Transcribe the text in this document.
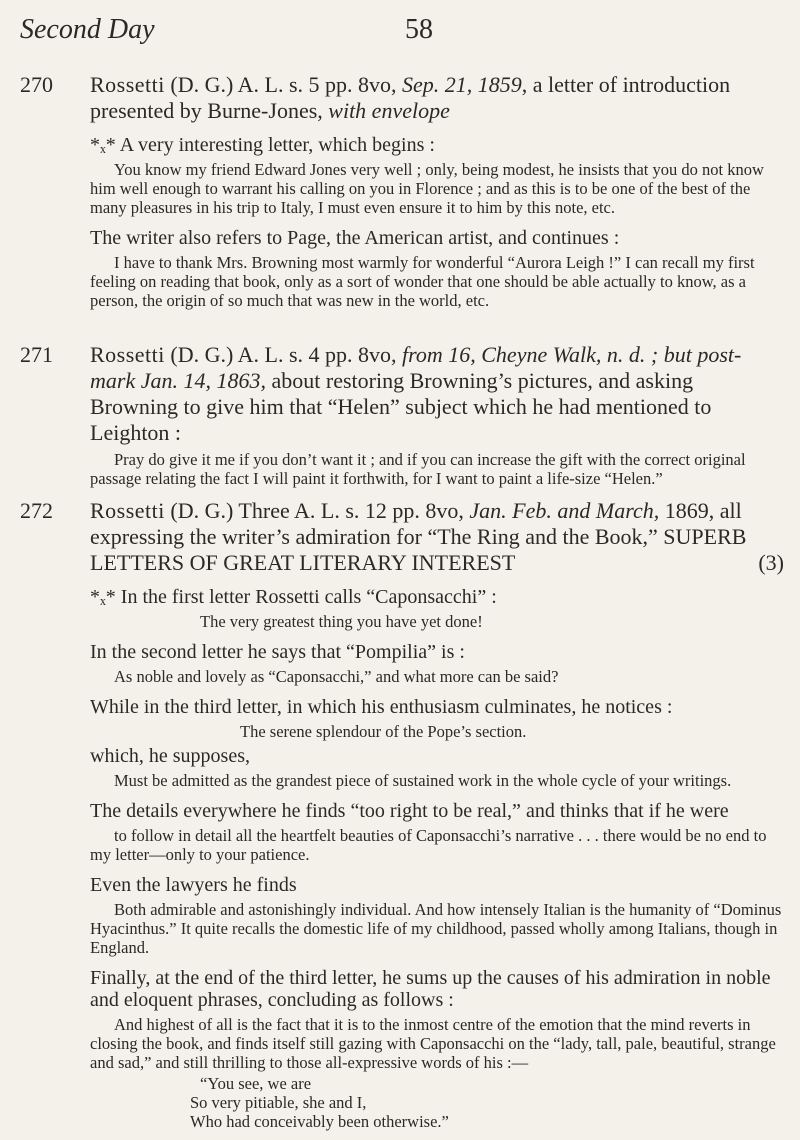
Second Day	58
270	Rossetti (D. G.) A. L. s. 5 pp. 8vo, Sep. 21, 1859, a letter of introduction presented by Burne-Jones, with envelope

*ₓ* A very interesting letter, which begins :

You know my friend Edward Jones very well ; only, being modest, he insists that you do not know him well enough to warrant his calling on you in Florence ; and as this is to be one of the best of the many pleasures in his trip to Italy, I must even ensure it to him by this note, etc.

The writer also refers to Page, the American artist, and continues :

I have to thank Mrs. Browning most warmly for wonderful “Aurora Leigh !” I can recall my first feeling on reading that book, only as a sort of wonder that one should be able actually to know, as a person, the origin of so much that was new in the world, etc.

271	Rossetti (D. G.) A. L. s. 4 pp. 8vo, from 16, Cheyne Walk, n. d. ; but post-mark Jan. 14, 1863, about restoring Browning’s pictures, and asking Browning to give him that “Helen” subject which he had mentioned to Leighton :

Pray do give it me if you don’t want it ; and if you can increase the gift with the correct original passage relating the fact I will paint it forthwith, for I want to paint a life-size “Helen.”

272	Rossetti (D. G.) Three A. L. s. 12 pp. 8vo, Jan. Feb. and March, 1869, all expressing the writer’s admiration for “The Ring and the Book,” SUPERB LETTERS OF GREAT LITERARY INTEREST	(3)

*ₓ* In the first letter Rossetti calls “Caponsacchi” :

The very greatest thing you have yet done!

In the second letter he says that “Pompilia” is :

As noble and lovely as “Caponsacchi,” and what more can be said?

While in the third letter, in which his enthusiasm culminates, he notices :

The serene splendour of the Pope’s section.

which, he supposes,

Must be admitted as the grandest piece of sustained work in the whole cycle of your writings.

The details everywhere he finds “too right to be real,” and thinks that if he were

to follow in detail all the heartfelt beauties of Caponsacchi’s narrative . . . there would be no end to my letter—only to your patience.

Even the lawyers he finds

Both admirable and astonishingly individual. And how intensely Italian is the humanity of “Dominus Hyacinthus.” It quite recalls the domestic life of my childhood, passed wholly among Italians, though in England.

Finally, at the end of the third letter, he sums up the causes of his admiration in noble and eloquent phrases, concluding as follows :

And highest of all is the fact that it is to the inmost centre of the emotion that the mind reverts in closing the book, and finds itself still gazing with Caponsacchi on the “lady, tall, pale, beautiful, strange and sad,” and still thrilling to those all-expressive words of his :—

“You see, we are

So very pitiable, she and I,

Who had conceivably been otherwise.”
